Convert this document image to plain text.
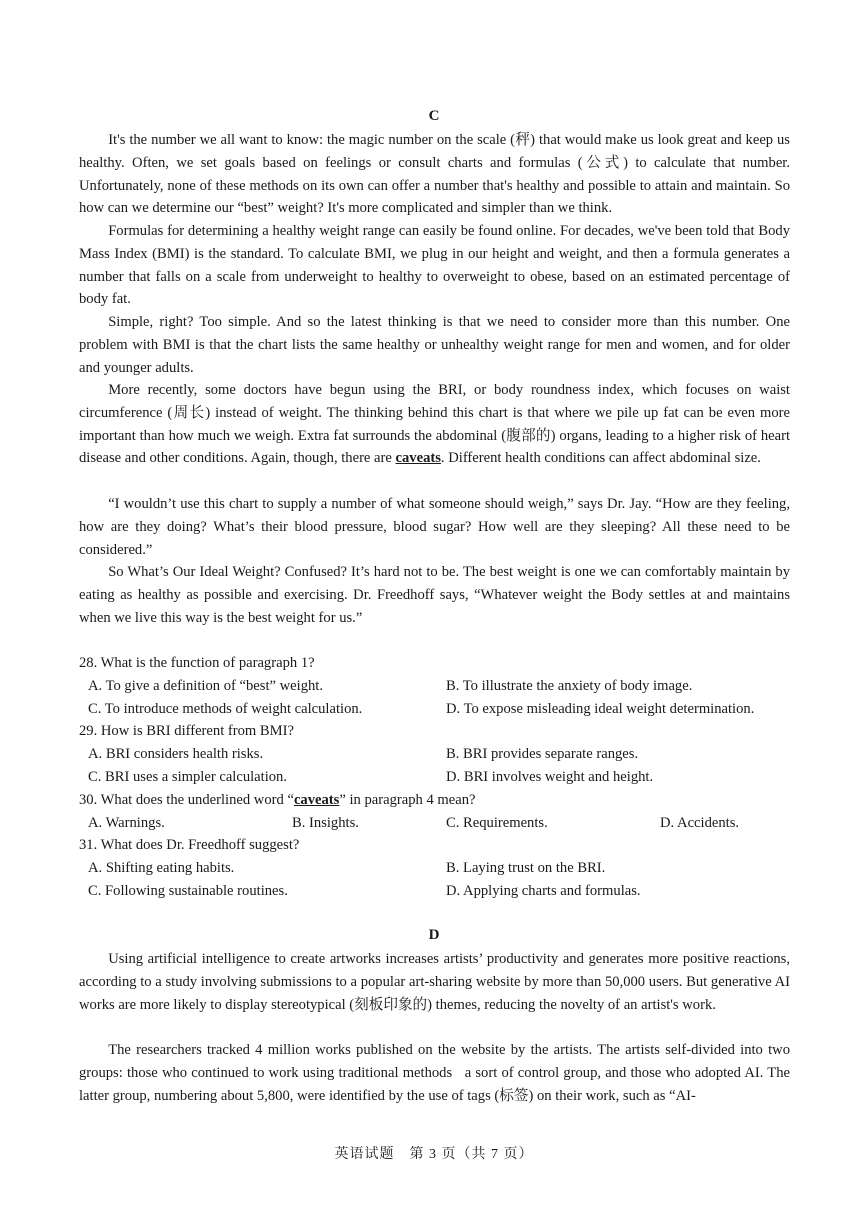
C

It's the number we all want to know: the magic number on the scale (秤) that would make us look great and keep us healthy. Often, we set goals based on feelings or consult charts and formulas (公式) to calculate that number. Unfortunately, none of these methods on its own can offer a number that's healthy and possible to attain and maintain. So how can we determine our “best” weight? It's more complicated and simpler than we think.

Formulas for determining a healthy weight range can easily be found online. For decades, we've been told that Body Mass Index (BMI) is the standard. To calculate BMI, we plug in our height and weight, and then a formula generates a number that falls on a scale from underweight to healthy to overweight to obese, based on an estimated percentage of body fat.

Simple, right? Too simple. And so the latest thinking is that we need to consider more than this number. One problem with BMI is that the chart lists the same healthy or unhealthy weight range for men and women, and for older and younger adults.

More recently, some doctors have begun using the BRI, or body roundness index, which focuses on waist circumference (周长) instead of weight. The thinking behind this chart is that where we pile up fat can be even more important than how much we weigh. Extra fat surrounds the abdominal (腹部的) organs, leading to a higher risk of heart disease and other conditions. Again, though, there are caveats. Different health conditions can affect abdominal size.

“I wouldn’t use this chart to supply a number of what someone should weigh,” says Dr. Jay. “How are they feeling, how are they doing? What’s their blood pressure, blood sugar? How well are they sleeping? All these need to be considered.”

So What’s Our Ideal Weight? Confused? It’s hard not to be. The best weight is one we can comfortably maintain by eating as healthy as possible and exercising. Dr. Freedhoff says, “Whatever weight the Body settles at and maintains when we live this way is the best weight for us.”

28. What is the function of paragraph 1?
A. To give a definition of “best” weight.	B. To illustrate the anxiety of body image.
C. To introduce methods of weight calculation.	D. To expose misleading ideal weight determination.
29. How is BRI different from BMI?
A. BRI considers health risks.	B. BRI provides separate ranges.
C. BRI uses a simpler calculation.	D. BRI involves weight and height.
30. What does the underlined word “caveats” in paragraph 4 mean?
A. Warnings.	B. Insights.	C. Requirements.	D. Accidents.
31. What does Dr. Freedhoff suggest?
A. Shifting eating habits.	B. Laying trust on the BRI.
C. Following sustainable routines.	D. Applying charts and formulas.
D

Using artificial intelligence to create artworks increases artists’ productivity and generates more positive reactions, according to a study involving submissions to a popular art-sharing website by more than 50,000 users. But generative AI works are more likely to display stereotypical (刻板印象的) themes, reducing the novelty of an artist's work.

The researchers tracked 4 million works published on the website by the artists. The artists self-divided into two groups: those who continued to work using traditional methods   a sort of control group, and those who adopted AI. The latter group, numbering about 5,800, were identified by the use of tags (标签) on their work, such as “AI-

英语试题　第 3 页（共 7 页）
